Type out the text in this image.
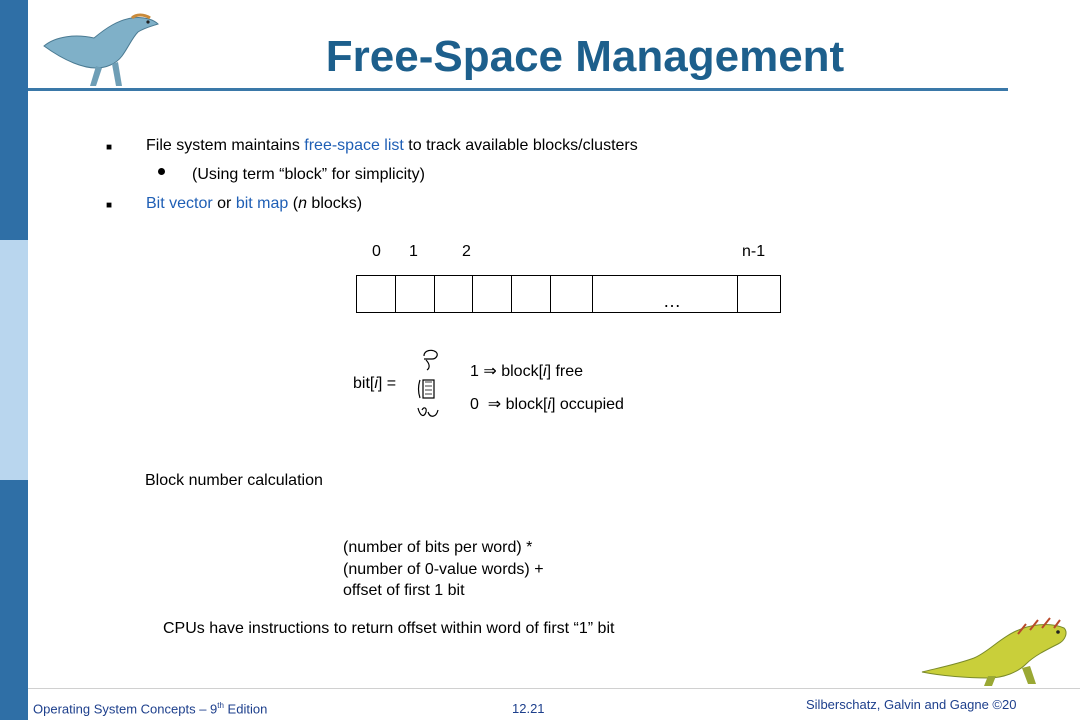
Free-Space Management
■ File system maintains free-space list to track available blocks/clusters
(Using term “block” for simplicity)
■ Bit vector or bit map (n blocks)
0 1	2	n-1
						…	
bit[i] =
1 ⇒ block[i] free
0 ⇒ block[i] occupied
Block number calculation
(number of bits per word) *
(number of 0-value words) +
offset of first 1 bit
CPUs have instructions to return offset within word of first “1” bit
Operating System Concepts – 9th Edition	12.21	Silberschatz, Galvin and Gagne ©20
